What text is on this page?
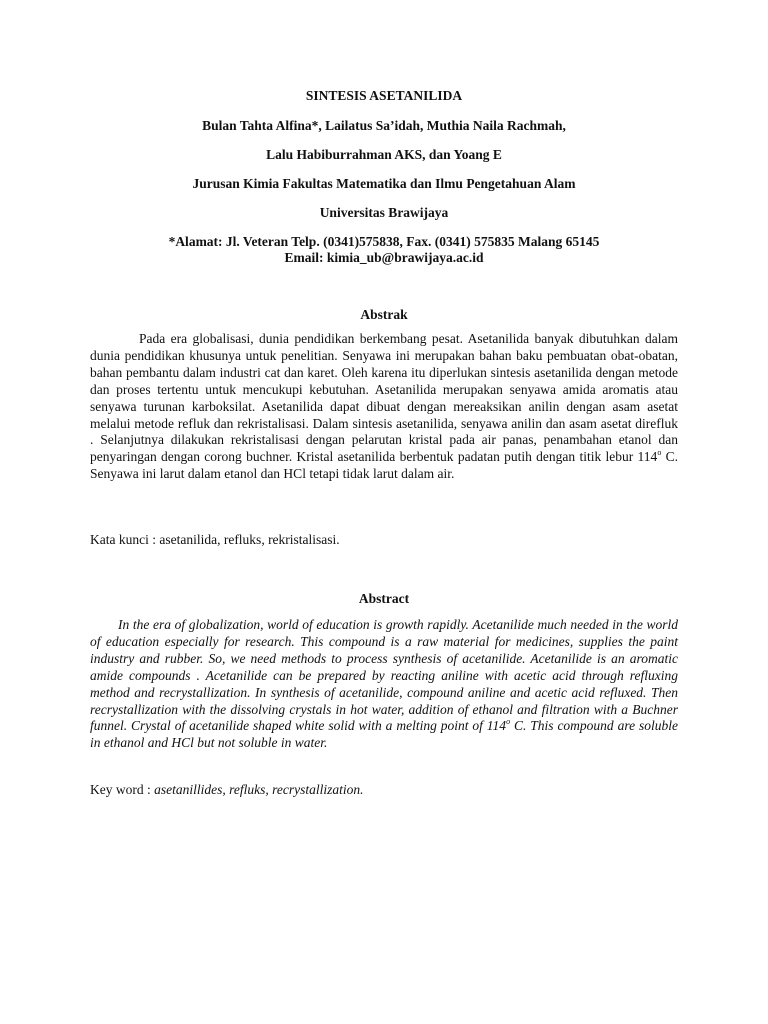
SINTESIS ASETANILIDA
Bulan Tahta Alfina*, Lailatus Sa’idah, Muthia Naila Rachmah,
Lalu Habiburrahman AKS, dan Yoang E
Jurusan Kimia Fakultas Matematika dan Ilmu Pengetahuan Alam
Universitas Brawijaya
*Alamat: Jl. Veteran Telp. (0341)575838, Fax. (0341) 575835 Malang 65145
Email: kimia_ub@brawijaya.ac.id
Abstrak

Pada era globalisasi, dunia pendidikan berkembang pesat. Asetanilida banyak dibutuhkan dalam dunia pendidikan khusunya untuk penelitian. Senyawa ini merupakan bahan baku pembuatan obat-obatan, bahan pembantu dalam industri cat dan karet. Oleh karena itu diperlukan sintesis asetanilida dengan metode dan proses tertentu untuk mencukupi kebutuhan. Asetanilida merupakan senyawa amida aromatis atau senyawa turunan karboksilat. Asetanilida dapat dibuat dengan mereaksikan anilin dengan asam asetat melalui metode refluk dan rekristalisasi. Dalam sintesis asetanilida, senyawa anilin dan asam asetat direfluk . Selanjutnya dilakukan rekristalisasi dengan pelarutan kristal pada air panas, penambahan etanol dan penyaringan dengan corong buchner. Kristal asetanilida berbentuk padatan putih dengan titik lebur 114$^o$ C. Senyawa ini larut dalam etanol dan HCl tetapi tidak larut dalam air.

Kata kunci : asetanilida, refluks, rekristalisasi.
Abstract

In the era of globalization, world of education is growth rapidly. Acetanilide much needed in the world of education especially for research. This compound is a raw material for medicines, supplies the paint industry and rubber. So, we need methods to process synthesis of acetanilide. Acetanilide is an aromatic amide compounds . Acetanilide can be prepared by reacting aniline with acetic acid through refluxing method and recrystallization. In synthesis of acetanilide, compound aniline and acetic acid refluxed. Then recrystallization with the dissolving crystals in hot water, addition of ethanol and filtration with a Buchner funnel. Crystal of acetanilide shaped white solid with a melting point of 114$^o$ C. This compound are soluble in ethanol and HCl but not soluble in water.

Key word : asetanillides, refluks, recrystallization.
